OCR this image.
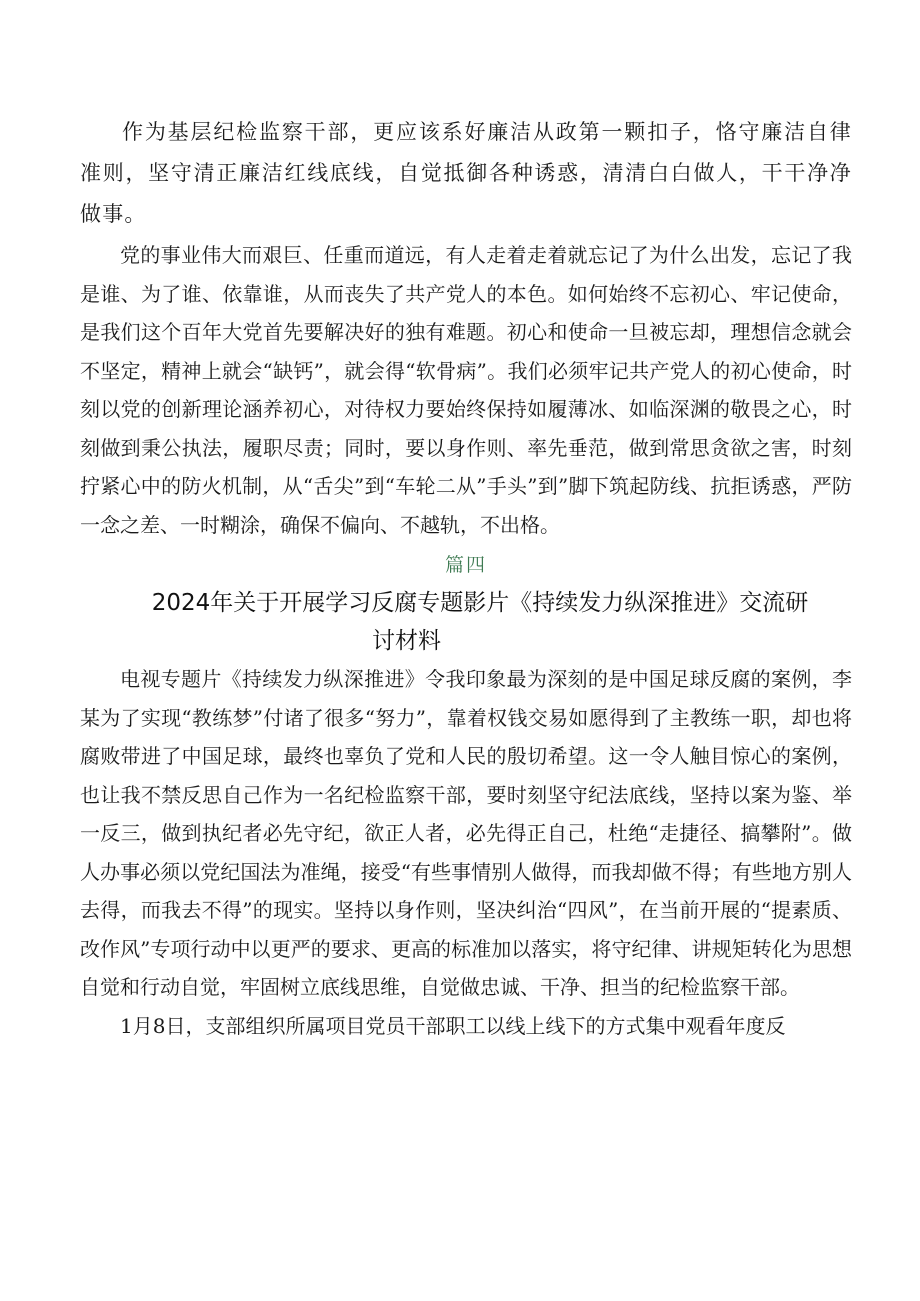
作为基层纪检监察干部，更应该系好廉洁从政第一颗扣子，恪守廉洁自律准则，坚守清正廉洁红线底线，自觉抵御各种诱惑，清清白白做人，干干净净做事。

党的事业伟大而艰巨、任重而道远，有人走着走着就忘记了为什么出发，忘记了我是谁、为了谁、依靠谁，从而丧失了共产党人的本色。如何始终不忘初心、牢记使命，是我们这个百年大党首先要解决好的独有难题。初心和使命一旦被忘却，理想信念就会不坚定，精神上就会“缺钙”，就会得“软骨病”。我们必须牢记共产党人的初心使命，时刻以党的创新理论涵养初心，对待权力要始终保持如履薄冰、如临深渊的敬畏之心，时刻做到秉公执法，履职尽责；同时，要以身作则、率先垂范，做到常思贪欲之害，时刻拧紧心中的防火机制，从“舌尖”到“车轮二从”手头”到”脚下筑起防线、抗拒诱惑，严防一念之差、一时糊涂，确保不偏向、不越轨，不出格。

篇四
2024年关于开展学习反腐专题影片《持续发力纵深推进》交流研
讨材料

电视专题片《持续发力纵深推进》令我印象最为深刻的是中国足球反腐的案例，李某为了实现“教练梦”付诸了很多“努力”，靠着权钱交易如愿得到了主教练一职，却也将腐败带进了中国足球，最终也辜负了党和人民的殷切希望。这一令人触目惊心的案例，也让我不禁反思自己作为一名纪检监察干部，要时刻坚守纪法底线，坚持以案为鉴、举一反三，做到执纪者必先守纪，欲正人者，必先得正自己，杜绝“走捷径、搞攀附”。做人办事必须以党纪国法为准绳，接受“有些事情别人做得，而我却做不得；有些地方别人去得，而我去不得”的现实。坚持以身作则，坚决纠治“四风”，在当前开展的“提素质、改作风”专项行动中以更严的要求、更高的标准加以落实，将守纪律、讲规矩转化为思想自觉和行动自觉，牢固树立底线思维，自觉做忠诚、干净、担当的纪检监察干部。

1月8日，支部组织所属项目党员干部职工以线上线下的方式集中观看年度反
